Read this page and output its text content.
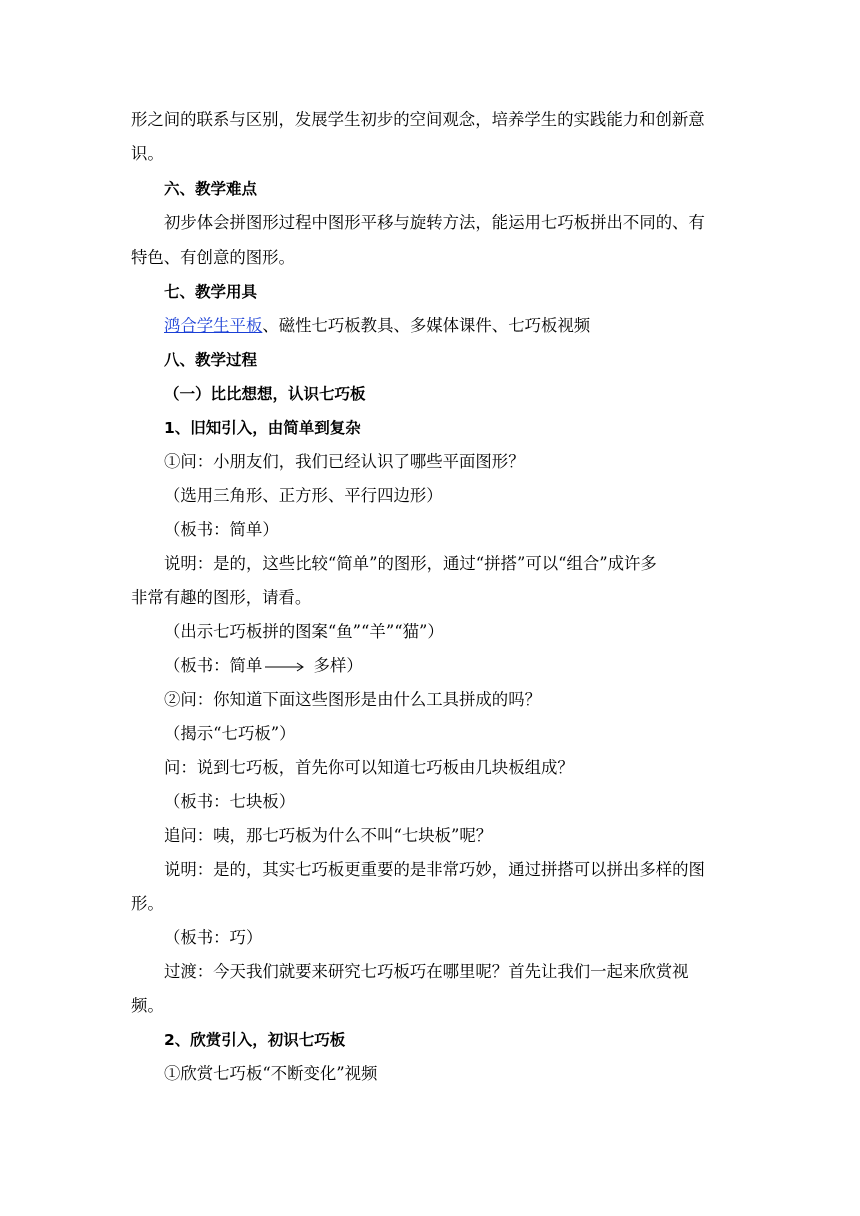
形之间的联系与区别，发展学生初步的空间观念，培养学生的实践能力和创新意
识。
六、教学难点
初步体会拼图形过程中图形平移与旋转方法，能运用七巧板拼出不同的、有
特色、有创意的图形。
七、教学用具
鸿合学生平板、磁性七巧板教具、多媒体课件、七巧板视频
八、教学过程
（一）比比想想，认识七巧板
1、旧知引入，由简单到复杂
①问：小朋友们，我们已经认识了哪些平面图形？
（选用三角形、正方形、平行四边形）
（板书：简单）
说明：是的，这些比较“简单”的图形，通过“拼搭”可以“组合”成许多
非常有趣的图形，请看。
（出示七巧板拼的图案“鱼”“羊”“猫”）
（板书：简单	多样）
②问：你知道下面这些图形是由什么工具拼成的吗？
（揭示“七巧板”）
问：说到七巧板，首先你可以知道七巧板由几块板组成？
（板书：七块板）
追问：咦，那七巧板为什么不叫“七块板”呢？
说明：是的，其实七巧板更重要的是非常巧妙，通过拼搭可以拼出多样的图
形。
（板书：巧）
过渡：今天我们就要来研究七巧板巧在哪里呢？首先让我们一起来欣赏视
频。
2、欣赏引入，初识七巧板
①欣赏七巧板“不断变化”视频
